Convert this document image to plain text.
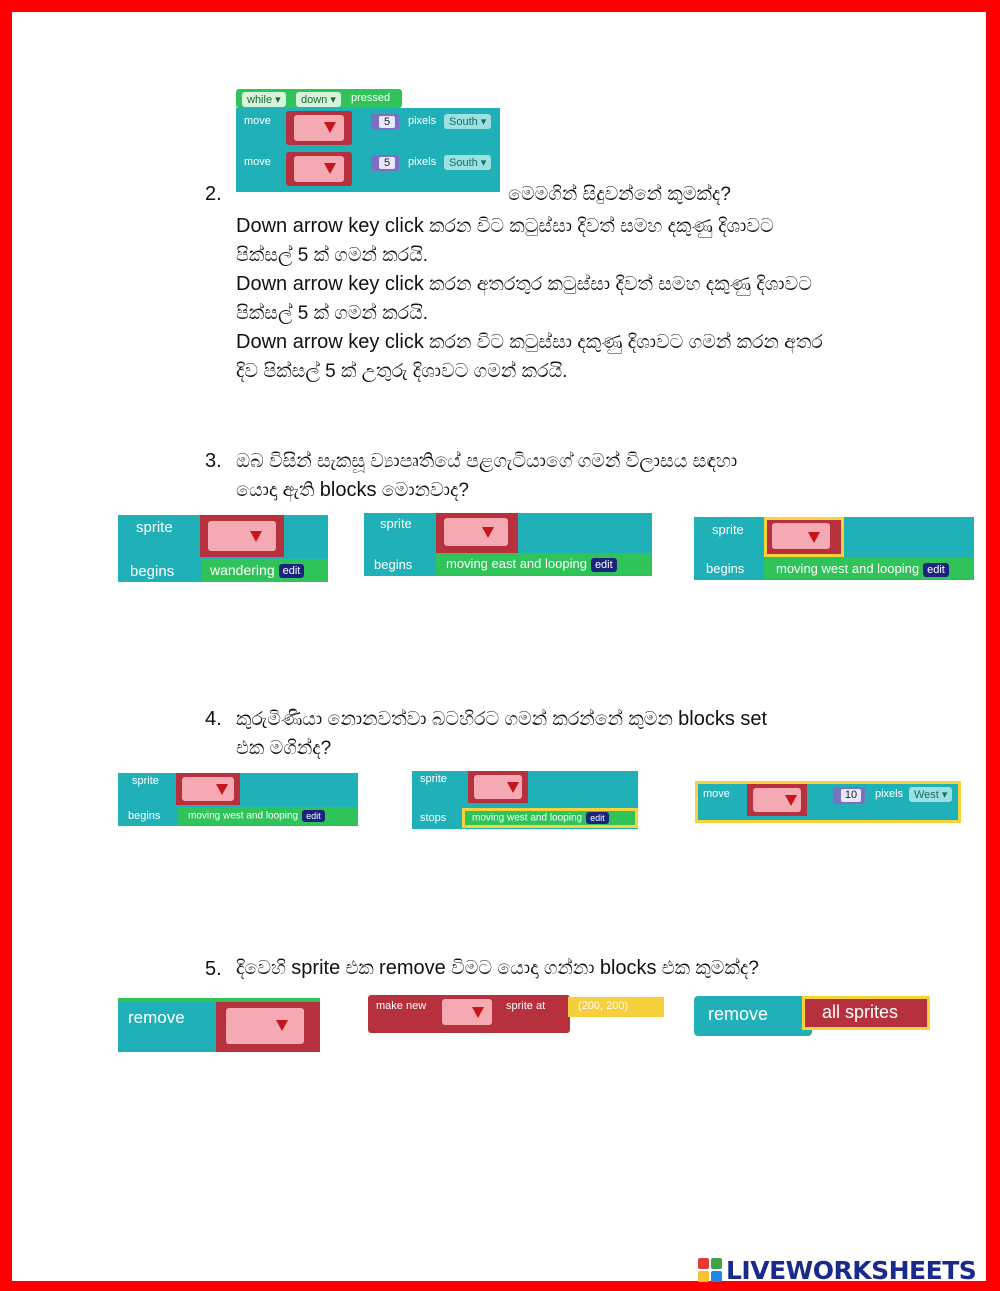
while ▾	down ▾	pressed
move	5	pixels	South ▾
move	5	pixels	South ▾
2.	මෙමගින් සිදුවන්නේ කුමක්ද?
Down arrow key click කරන විට කටුස්සා දිවත් සමහ දකුණු දිශාවට
පික්සල් 5 ක් ගමන් කරයි.
Down arrow key click කරන අතරතුර කටුස්සා දිවත් සමහ දකුණු දිශාවට
පික්සල් 5 ක් ගමන් කරයි.
Down arrow key click කරන විට කටුස්සා දකුණු දිශාවට ගමන් කරන අතර
දිව පික්සල් 5 ක් උතුරු දිශාවට ගමන් කරයි.
3. ඔබ විසින් සැකසූ ව්‍යාපෘතියේ පළගැටියාගේ ගමන් විලාසය සඳහා
යොදා ඇති blocks මොනවාද?
sprite
begins	wandering edit
sprite
begins	moving east and looping edit
sprite
begins moving west and looping edit
4. කුරුමිණියා නොනවත්වා බටහිරට ගමන් කරන්නේ කුමන blocks set
එක මගින්ද?
sprite
begins	moving west and looping edit
sprite
stops	moving west and looping edit
move	10	pixels West ▾
5. දිවෙහි sprite එක remove විමට යොදා ගන්නා blocks එක කුමක්ද?
remove
make new	sprite at	(200, 200)	remove	all sprites
LIVEWORKSHEETS
